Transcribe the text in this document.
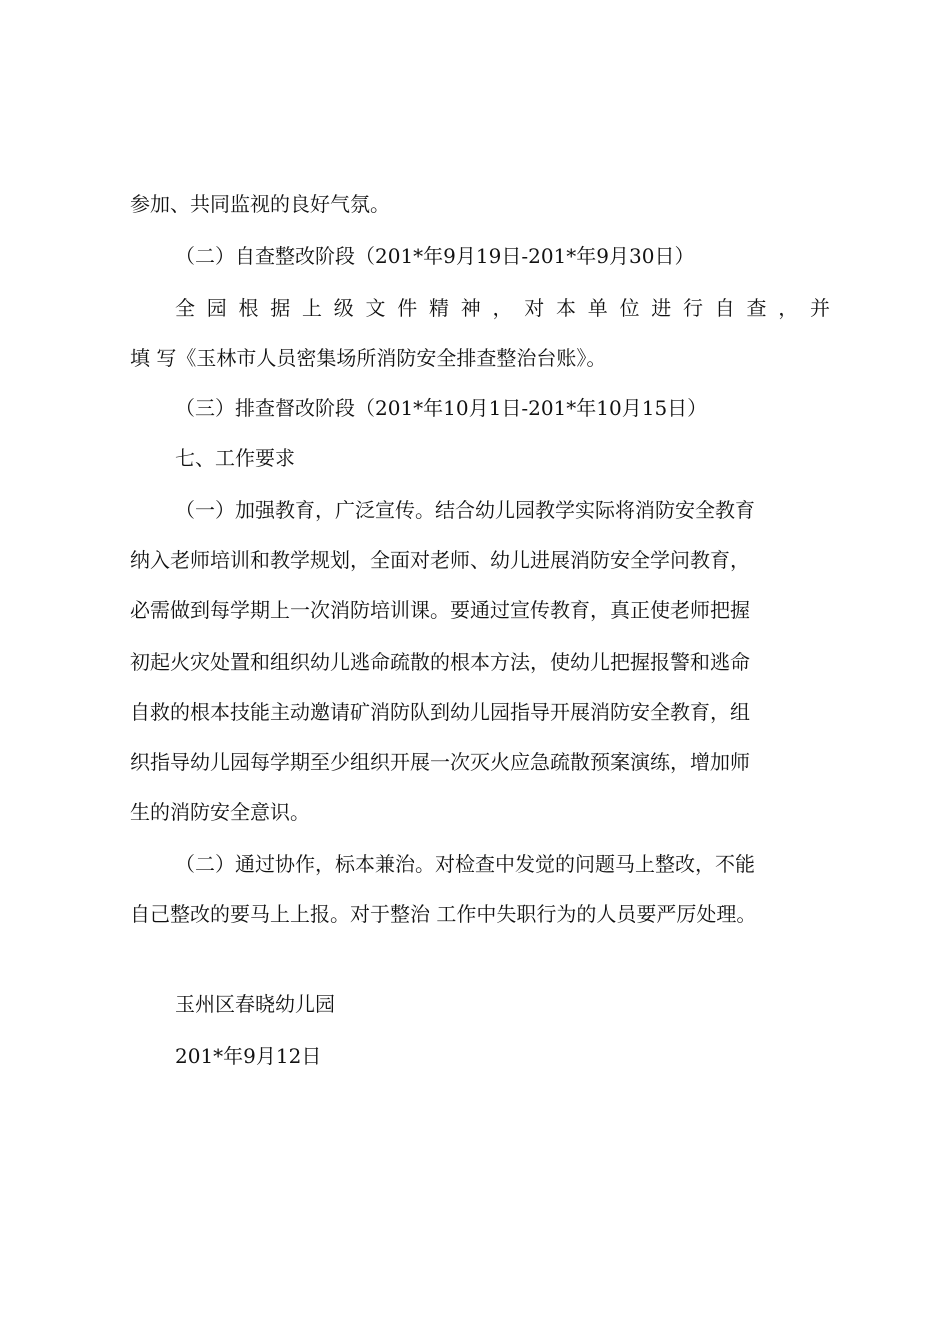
参加、共同监视的良好气氛。
（二）自查整改阶段（201*年9月19日-201*年9月30日）
全 园 根 据 上 级 文 件 精 神 ， 对 本 单 位 进 行 自 查 ， 并
填 写《玉林市人员密集场所消防安全排查整治台账》。
（三）排查督改阶段（201*年10月1日-201*年10月15日）
七、工作要求
（一）加强教育，广泛宣传。结合幼儿园教学实际将消防安全教育
纳入老师培训和教学规划，全面对老师、幼儿进展消防安全学问教育，
必需做到每学期上一次消防培训课。要通过宣传教育，真正使老师把握
初起火灾处置和组织幼儿逃命疏散的根本方法，使幼儿把握报警和逃命
自救的根本技能主动邀请矿消防队到幼儿园指导开展消防安全教育，组
织指导幼儿园每学期至少组织开展一次灭火应急疏散预案演练，增加师
生的消防安全意识。
（二）通过协作，标本兼治。对检查中发觉的问题马上整改，不能
自己整改的要马上上报。对于整治 工作中失职行为的人员要严厉处理。
玉州区春晓幼儿园
201*年9月12日
